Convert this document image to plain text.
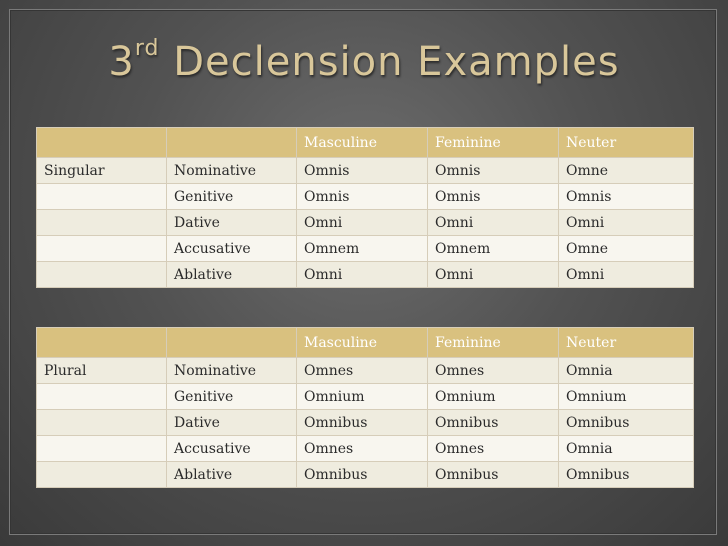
3rd Declension Examples
		Masculine	Feminine	Neuter
Singular	Nominative	Omnis	Omnis	Omne
	Genitive	Omnis	Omnis	Omnis
	Dative	Omni	Omni	Omni
	Accusative	Omnem	Omnem	Omne
	Ablative	Omni	Omni	Omni
		Masculine	Feminine	Neuter
Plural	Nominative	Omnes	Omnes	Omnia
	Genitive	Omnium	Omnium	Omnium
	Dative	Omnibus	Omnibus	Omnibus
	Accusative	Omnes	Omnes	Omnia
	Ablative	Omnibus	Omnibus	Omnibus
